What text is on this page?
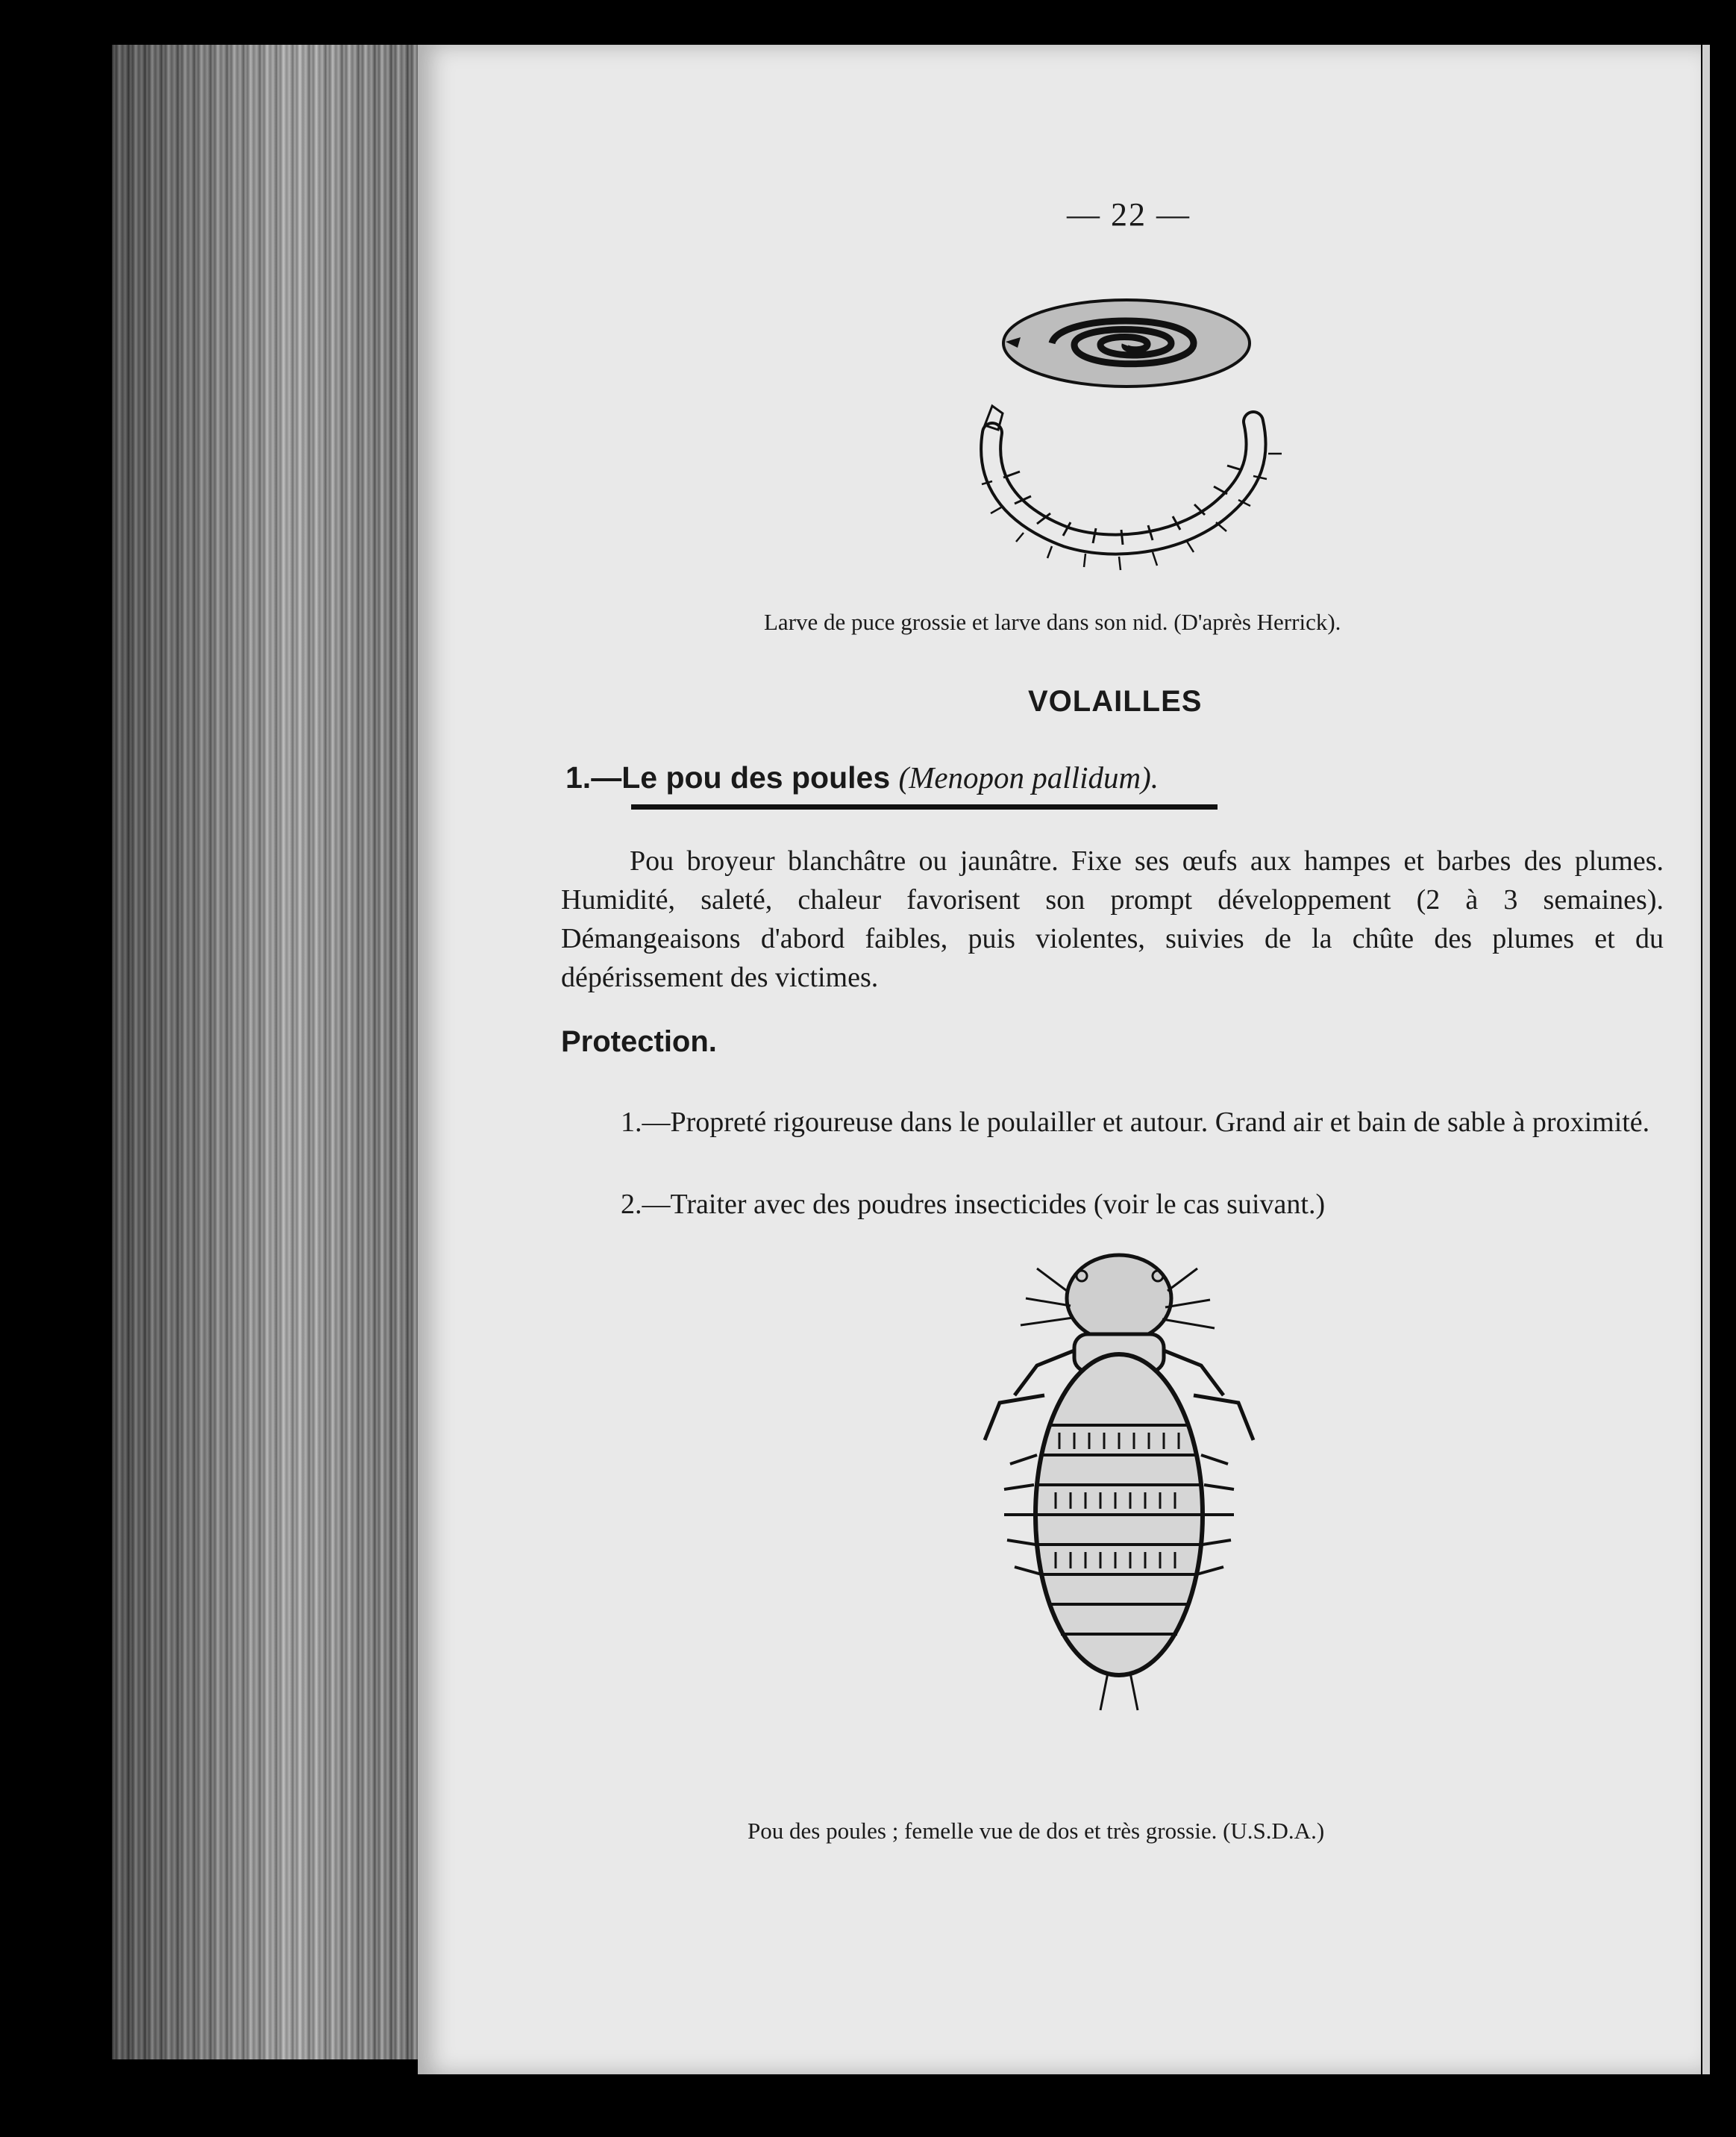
— 22 —
Larve de puce grossie et larve dans son nid. (D'après Herrick).
VOLAILLES
1.—Le pou des poules (Menopon pallidum).
Pou broyeur blanchâtre ou jaunâtre. Fixe ses œufs aux hampes et barbes des plumes. Humidité, saleté, chaleur favorisent son prompt développement (2 à 3 semaines). Démangeaisons d'abord faibles, puis violentes, suivies de la chûte des plumes et du dépérissement des victimes.
Protection.
1.—Propreté rigoureuse dans le poulailler et autour. Grand air et bain de sable à proximité.
2.—Traiter avec des poudres insecticides (voir le cas suivant.)
Pou des poules ; femelle vue de dos et très grossie. (U.S.D.A.)
